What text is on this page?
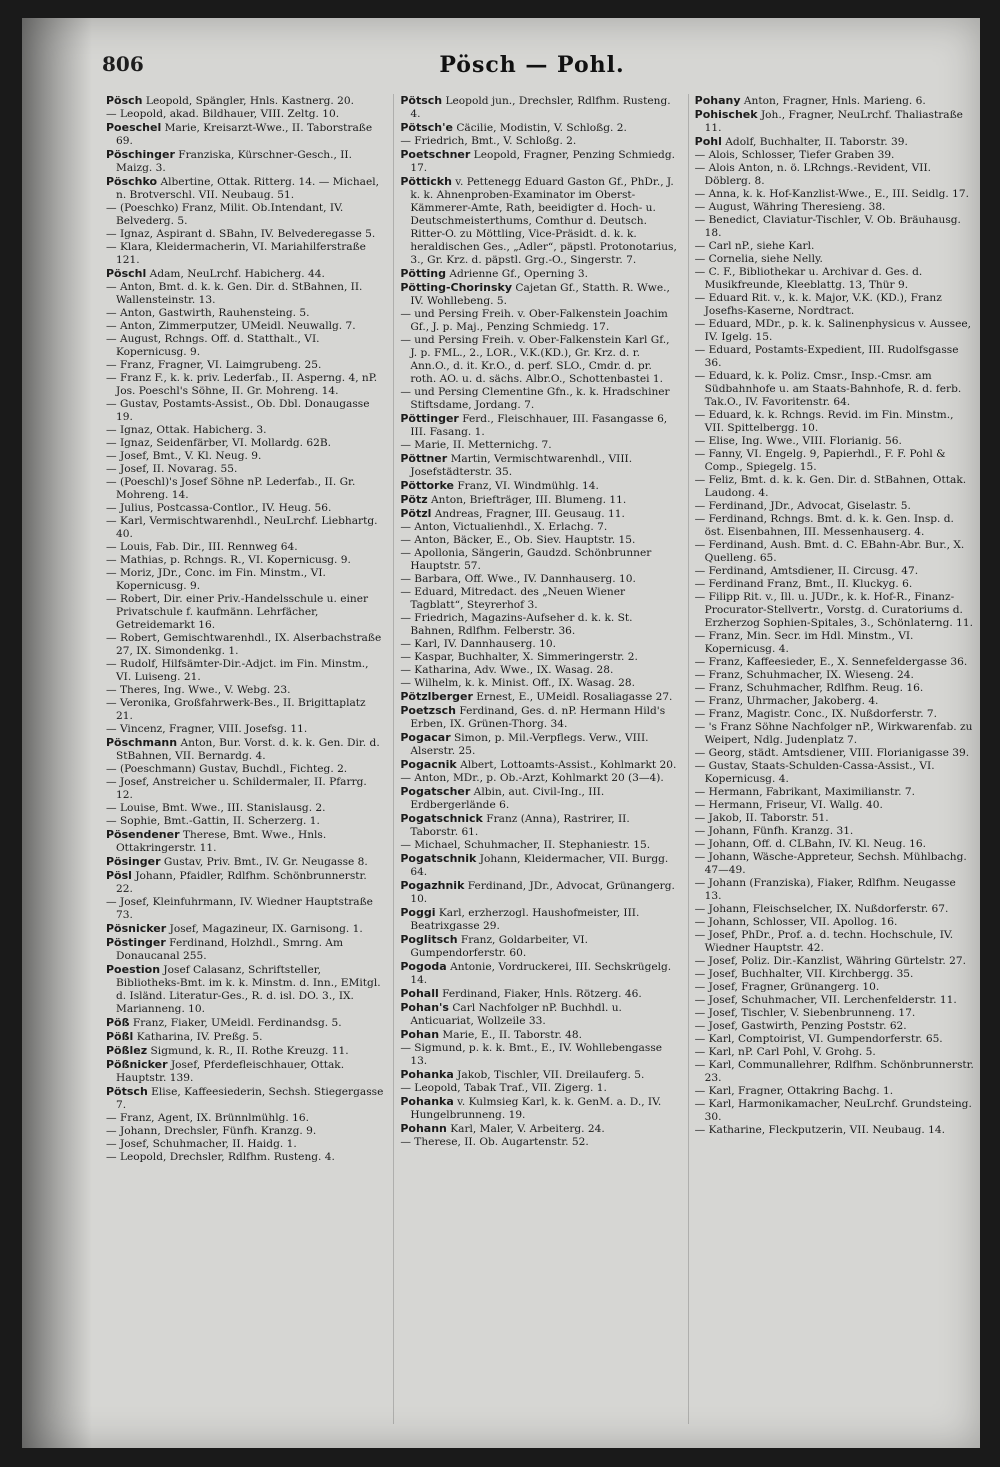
806	Pösch — Pohl.

Pösch Leopold, Spängler, Hnls. Kastnerg. 20.

— Leopold, akad. Bildhauer, VIII. Zeltg. 10.

Poeschel Marie, Kreisarzt-Wwe., II. Taborstraße 69.

Pöschinger Franziska, Kürschner-Gesch., II. Maizg. 3.

Pöschko Albertine, Ottak. Ritterg. 14. — Michael, n. Brotverschl. VII. Neubaug. 51.

— (Poeschko) Franz, Milit. Ob.Intendant, IV. Belvederg. 5.

— Ignaz, Aspirant d. SBahn, IV. Belvederegasse 5.

— Klara, Kleidermacherin, VI. Mariahilferstraße 121.

Pöschl Adam, NeuLrchf. Habicherg. 44.

— Anton, Bmt. d. k. k. Gen. Dir. d. StBahnen, II. Wallensteinstr. 13.

— Anton, Gastwirth, Rauhensteing. 5.

— Anton, Zimmerputzer, UMeidl. Neuwallg. 7.

— August, Rchngs. Off. d. Statthalt., VI. Kopernicusg. 9.

— Franz, Fragner, VI. Laimgrubeng. 25.

— Franz F., k. k. priv. Lederfab., II. Asperng. 4, nP. Jos. Poeschl's Söhne, II. Gr. Mohreng. 14.

— Gustav, Postamts-Assist., Ob. Dbl. Donaugasse 19.

— Ignaz, Ottak. Habicherg. 3.

— Ignaz, Seidenfärber, VI. Mollardg. 62B.

— Josef, Bmt., V. Kl. Neug. 9.

— Josef, II. Novarag. 55.

— (Poeschl)'s Josef Söhne nP. Lederfab., II. Gr. Mohreng. 14.

— Julius, Postcassa-Contlor., IV. Heug. 56.

— Karl, Vermischtwarenhdl., NeuLrchf. Liebhartg. 40.

— Louis, Fab. Dir., III. Rennweg 64.

— Mathias, p. Rchngs. R., VI. Kopernicusg. 9.

— Moriz, JDr., Conc. im Fin. Minstm., VI. Kopernicusg. 9.

— Robert, Dir. einer Priv.-Handelsschule u. einer Privatschule f. kaufmänn. Lehrfächer, Getreidemarkt 16.

— Robert, Gemischtwarenhdl., IX. Alserbachstraße 27, IX. Simondenkg. 1.

— Rudolf, Hilfsämter-Dir.-Adjct. im Fin. Minstm., VI. Luiseng. 21.

— Theres, Ing. Wwe., V. Webg. 23.

— Veronika, Großfahrwerk-Bes., II. Brigittaplatz 21.

— Vincenz, Fragner, VIII. Josefsg. 11.

Pöschmann Anton, Bur. Vorst. d. k. k. Gen. Dir. d. StBahnen, VII. Bernardg. 4.

— (Poeschmann) Gustav, Buchdl., Fichteg. 2.

— Josef, Anstreicher u. Schildermaler, II. Pfarrg. 12.

— Louise, Bmt. Wwe., III. Stanislausg. 2.

— Sophie, Bmt.-Gattin, II. Scherzerg. 1.

Pösendener Therese, Bmt. Wwe., Hnls. Ottakringerstr. 11.

Pösinger Gustav, Priv. Bmt., IV. Gr. Neugasse 8.

Pösl Johann, Pfaidler, Rdlfhm. Schönbrunnerstr. 22.

— Josef, Kleinfuhrmann, IV. Wiedner Hauptstraße 73.

Pösnicker Josef, Magazineur, IX. Garnisong. 1.

Pöstinger Ferdinand, Holzhdl., Smrng. Am Donaucanal 255.

Poestion Josef Calasanz, Schriftsteller, Bibliotheks-Bmt. im k. k. Minstm. d. Inn., EMitgl. d. Isländ. Literatur-Ges., R. d. isl. DO. 3., IX. Marianneng. 10.

Pöß Franz, Fiaker, UMeidl. Ferdinandsg. 5.

Pößl Katharina, IV. Preßg. 5.

Pößlez Sigmund, k. R., II. Rothe Kreuzg. 11.

Pößnicker Josef, Pferdefleischhauer, Ottak. Hauptstr. 139.

Pötsch Elise, Kaffeesiederin, Sechsh. Stiegergasse 7.

— Franz, Agent, IX. Brünnlmühlg. 16.

— Johann, Drechsler, Fünfh. Kranzg. 9.

— Josef, Schuhmacher, II. Haidg. 1.

— Leopold, Drechsler, Rdlfhm. Rusteng. 4.

Pötsch Leopold jun., Drechsler, Rdlfhm. Rusteng. 4.

Pötsch'e Cäcilie, Modistin, V. Schloßg. 2.

— Friedrich, Bmt., V. Schloßg. 2.

Poetschner Leopold, Fragner, Penzing Schmiedg. 17.

Pöttickh v. Pettenegg Eduard Gaston Gf., PhDr., J. k. k. Ahnenproben-Examinator im Oberst-Kämmerer-Amte, Rath, beeidigter d. Hoch- u. Deutschmeisterthums, Comthur d. Deutsch. Ritter-O. zu Möttling, Vice-Präsidt. d. k. k. heraldischen Ges., „Adler“, päpstl. Protonotarius, 3., Gr. Krz. d. päpstl. Grg.-O., Singerstr. 7.

Pötting Adrienne Gf., Operning 3.

Pötting-Chorinsky Cajetan Gf., Statth. R. Wwe., IV. Wohllebeng. 5.

— und Persing Freih. v. Ober-Falkenstein Joachim Gf., J. p. Maj., Penzing Schmiedg. 17.

— und Persing Freih. v. Ober-Falkenstein Karl Gf., J. p. FML., 2., LOR., V.K.(KD.), Gr. Krz. d. r. Ann.O., d. it. Kr.O., d. perf. SLO., Cmdr. d. pr. roth. AO. u. d. sächs. Albr.O., Schottenbastei 1.

— und Persing Clementine Gfn., k. k. Hradschiner Stiftsdame, Jordang. 7.

Pöttinger Ferd., Fleischhauer, III. Fasangasse 6, III. Fasang. 1.

— Marie, II. Metternichg. 7.

Pöttner Martin, Vermischtwarenhdl., VIII. Josefstädterstr. 35.

Pöttorke Franz, VI. Windmühlg. 14.

Pötz Anton, Briefträger, III. Blumeng. 11.

Pötzl Andreas, Fragner, III. Geusaug. 11.

— Anton, Victualienhdl., X. Erlachg. 7.

— Anton, Bäcker, E., Ob. Siev. Hauptstr. 15.

— Apollonia, Sängerin, Gaudzd. Schönbrunner Hauptstr. 57.

— Barbara, Off. Wwe., IV. Dannhauserg. 10.

— Eduard, Mitredact. des „Neuen Wiener Tagblatt“, Steyrerhof 3.

— Friedrich, Magazins-Aufseher d. k. k. St. Bahnen, Rdlfhm. Felberstr. 36.

— Karl, IV. Dannhauserg. 10.

— Kaspar, Buchhalter, X. Simmeringerstr. 2.

— Katharina, Adv. Wwe., IX. Wasag. 28.

— Wilhelm, k. k. Minist. Off., IX. Wasag. 28.

Pötzlberger Ernest, E., UMeidl. Rosaliagasse 27.

Poetzsch Ferdinand, Ges. d. nP. Hermann Hild's Erben, IX. Grünen-Thorg. 34.

Pogacar Simon, p. Mil.-Verpflegs. Verw., VIII. Alserstr. 25.

Pogacnik Albert, Lottoamts-Assist., Kohlmarkt 20.

— Anton, MDr., p. Ob.-Arzt, Kohlmarkt 20 (3—4).

Pogatscher Albin, aut. Civil-Ing., III. Erdbergerlände 6.

Pogatschnick Franz (Anna), Rastrirer, II. Taborstr. 61.

— Michael, Schuhmacher, II. Stephaniestr. 15.

Pogatschnik Johann, Kleidermacher, VII. Burgg. 64.

Pogazhnik Ferdinand, JDr., Advocat, Grünangerg. 10.

Poggi Karl, erzherzogl. Haushofmeister, III. Beatrixgasse 29.

Poglitsch Franz, Goldarbeiter, VI. Gumpendorferstr. 60.

Pogoda Antonie, Vordruckerei, III. Sechskrügelg. 14.

Pohall Ferdinand, Fiaker, Hnls. Rötzerg. 46.

Pohan's Carl Nachfolger nP. Buchhdl. u. Anticuariat, Wollzeile 33.

Pohan Marie, E., II. Taborstr. 48.

— Sigmund, p. k. k. Bmt., E., IV. Wohllebengasse 13.

Pohanka Jakob, Tischler, VII. Dreilauferg. 5.

— Leopold, Tabak Traf., VII. Zigerg. 1.

Pohanka v. Kulmsieg Karl, k. k. GenM. a. D., IV. Hungelbrunneng. 19.

Pohann Karl, Maler, V. Arbeiterg. 24.

— Therese, II. Ob. Augartenstr. 52.

Pohany Anton, Fragner, Hnls. Marieng. 6.

Pohischek Joh., Fragner, NeuLrchf. Thaliastraße 11.

Pohl Adolf, Buchhalter, II. Taborstr. 39.

— Alois, Schlosser, Tiefer Graben 39.

— Alois Anton, n. ö. LRchngs.-Revident, VII. Döblerg. 8.

— Anna, k. k. Hof-Kanzlist-Wwe., E., III. Seidlg. 17.

— August, Währing Theresieng. 38.

— Benedict, Claviatur-Tischler, V. Ob. Bräuhausg. 18.

— Carl nP., siehe Karl.

— Cornelia, siehe Nelly.

— C. F., Bibliothekar u. Archivar d. Ges. d. Musikfreunde, Kleeblattg. 13, Thür 9.

— Eduard Rit. v., k. k. Major, V.K. (KD.), Franz Josefhs-Kaserne, Nordtract.

— Eduard, MDr., p. k. k. Salinenphysicus v. Aussee, IV. Igelg. 15.

— Eduard, Postamts-Expedient, III. Rudolfsgasse 36.

— Eduard, k. k. Poliz. Cmsr., Insp.-Cmsr. am Südbahnhofe u. am Staats-Bahnhofe, R. d. ferb. Tak.O., IV. Favoritenstr. 64.

— Eduard, k. k. Rchngs. Revid. im Fin. Minstm., VII. Spittelbergg. 10.

— Elise, Ing. Wwe., VIII. Florianig. 56.

— Fanny, VI. Engelg. 9, Papierhdl., F. F. Pohl & Comp., Spiegelg. 15.

— Feliz, Bmt. d. k. k. Gen. Dir. d. StBahnen, Ottak. Laudong. 4.

— Ferdinand, JDr., Advocat, Giselastr. 5.

— Ferdinand, Rchngs. Bmt. d. k. k. Gen. Insp. d. öst. Eisenbahnen, III. Messenhauserg. 4.

— Ferdinand, Aush. Bmt. d. C. EBahn-Abr. Bur., X. Quelleng. 65.

— Ferdinand, Amtsdiener, II. Circusg. 47.

— Ferdinand Franz, Bmt., II. Kluckyg. 6.

— Filipp Rit. v., Ill. u. JUDr., k. k. Hof-R., Finanz-Procurator-Stellvertr., Vorstg. d. Curatoriums d. Erzherzog Sophien-Spitales, 3., Schönlaterng. 11.

— Franz, Min. Secr. im Hdl. Minstm., VI. Kopernicusg. 4.

— Franz, Kaffeesieder, E., X. Sennefeldergasse 36.

— Franz, Schuhmacher, IX. Wieseng. 24.

— Franz, Schuhmacher, Rdlfhm. Reug. 16.

— Franz, Uhrmacher, Jakoberg. 4.

— Franz, Magistr. Conc., IX. Nußdorferstr. 7.

— 's Franz Söhne Nachfolger nP., Wirkwarenfab. zu Weipert, Ndlg. Judenplatz 7.

— Georg, städt. Amtsdiener, VIII. Florianigasse 39.

— Gustav, Staats-Schulden-Cassa-Assist., VI. Kopernicusg. 4.

— Hermann, Fabrikant, Maximilianstr. 7.

— Hermann, Friseur, VI. Wallg. 40.

— Jakob, II. Taborstr. 51.

— Johann, Fünfh. Kranzg. 31.

— Johann, Off. d. CLBahn, IV. Kl. Neug. 16.

— Johann, Wäsche-Appreteur, Sechsh. Mühlbachg. 47—49.

— Johann (Franziska), Fiaker, Rdlfhm. Neugasse 13.

— Johann, Fleischselcher, IX. Nußdorferstr. 67.

— Johann, Schlosser, VII. Apollog. 16.

— Josef, PhDr., Prof. a. d. techn. Hochschule, IV. Wiedner Hauptstr. 42.

— Josef, Poliz. Dir.-Kanzlist, Währing Gürtelstr. 27.

— Josef, Buchhalter, VII. Kirchbergg. 35.

— Josef, Fragner, Grünangerg. 10.

— Josef, Schuhmacher, VII. Lerchenfelderstr. 11.

— Josef, Tischler, V. Siebenbrunneng. 17.

— Josef, Gastwirth, Penzing Poststr. 62.

— Karl, Comptoirist, VI. Gumpendorferstr. 65.

— Karl, nP. Carl Pohl, V. Grohg. 5.

— Karl, Communallehrer, Rdlfhm. Schönbrunnerstr. 23.

— Karl, Fragner, Ottakring Bachg. 1.

— Karl, Harmonikamacher, NeuLrchf. Grundsteing. 30.

— Katharine, Fleckputzerin, VII. Neubaug. 14.
